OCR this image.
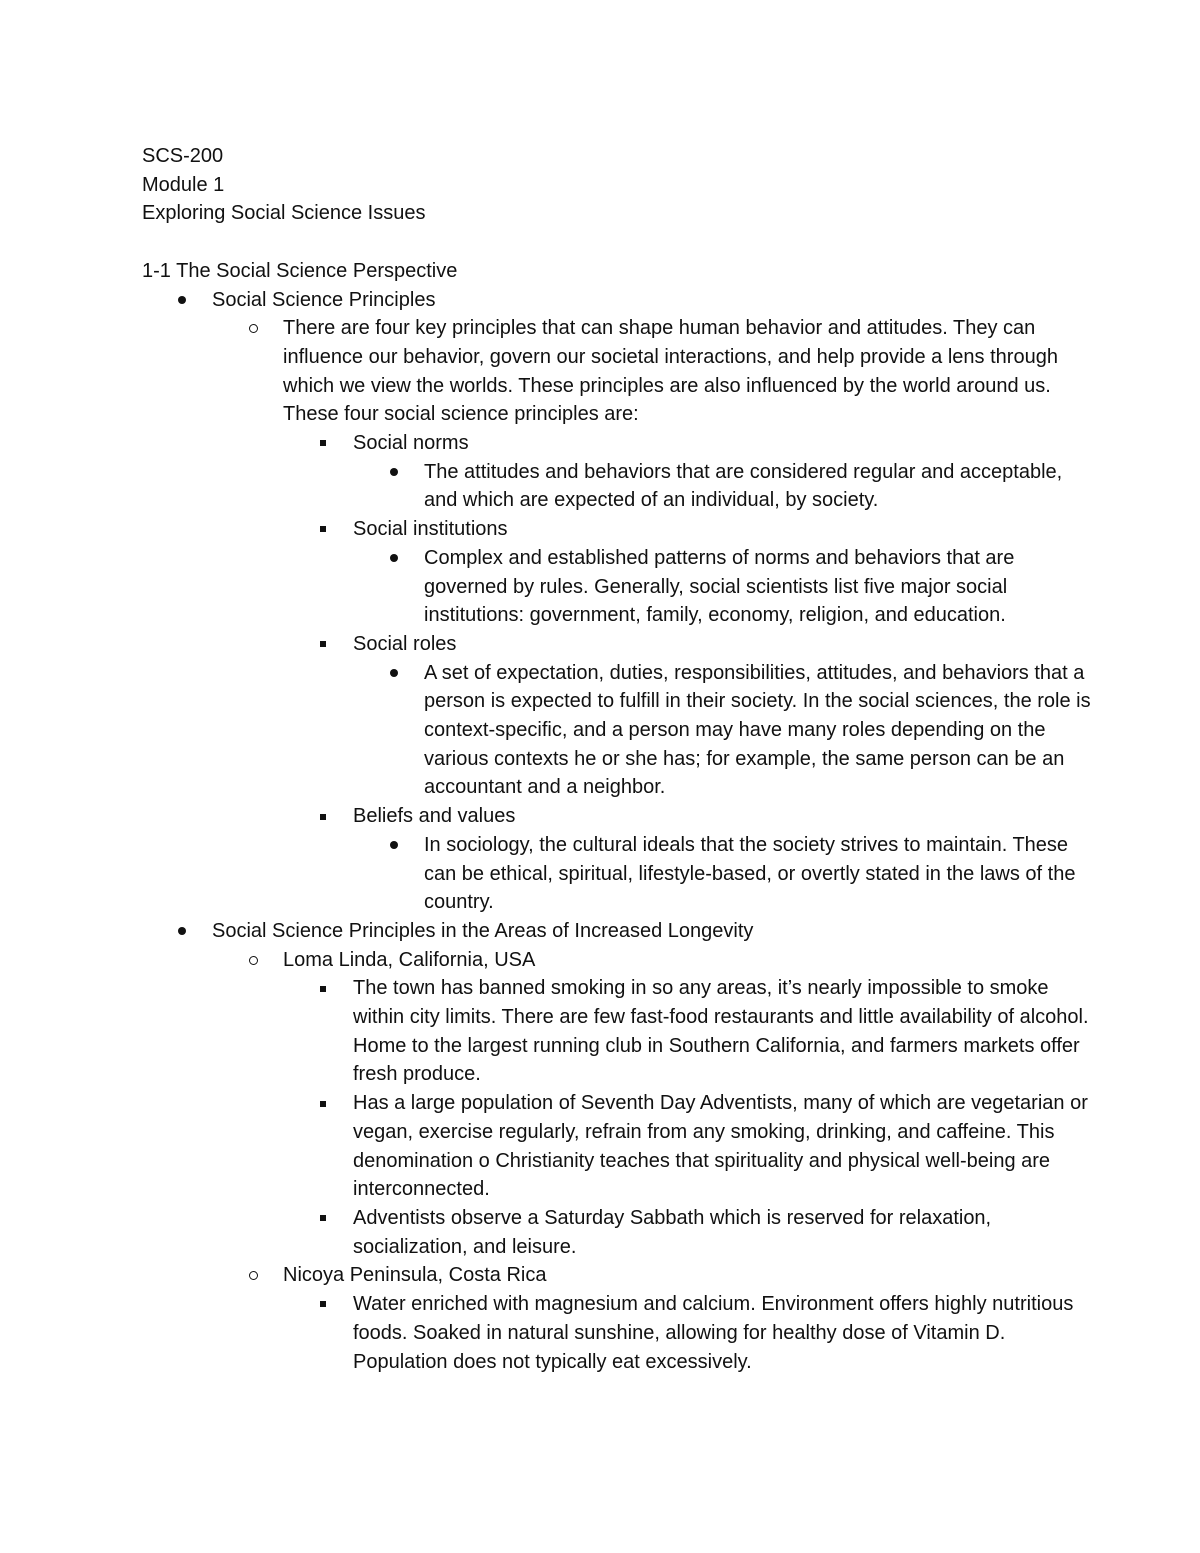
SCS-200

Module 1

Exploring Social Science Issues

1-1 The Social Science Perspective

Social Science Principles
There are four key principles that can shape human behavior and attitudes. They can influence our behavior, govern our societal interactions, and help provide a lens through which we view the worlds. These principles are also influenced by the world around us. These four social science principles are:
Social norms
The attitudes and behaviors that are considered regular and acceptable, and which are expected of an individual, by society.
Social institutions
Complex and established patterns of norms and behaviors that are governed by rules. Generally, social scientists list five major social institutions: government, family, economy, religion, and education.
Social roles
A set of expectation, duties, responsibilities, attitudes, and behaviors that a person is expected to fulfill in their society. In the social sciences, the role is context-specific, and a person may have many roles depending on the various contexts he or she has; for example, the same person can be an accountant and a neighbor.
Beliefs and values
In sociology, the cultural ideals that the society strives to maintain. These can be ethical, spiritual, lifestyle-based, or overtly stated in the laws of the country.
Social Science Principles in the Areas of Increased Longevity
Loma Linda, California, USA
The town has banned smoking in so any areas, it’s nearly impossible to smoke within city limits. There are few fast-food restaurants and little availability of alcohol. Home to the largest running club in Southern California, and farmers markets offer fresh produce.
Has a large population of Seventh Day Adventists, many of which are vegetarian or vegan, exercise regularly, refrain from any smoking, drinking, and caffeine. This denomination o Christianity teaches that spirituality and physical well-being are interconnected.
Adventists observe a Saturday Sabbath which is reserved for relaxation, socialization, and leisure.
Nicoya Peninsula, Costa Rica
Water enriched with magnesium and calcium. Environment offers highly nutritious foods. Soaked in natural sunshine, allowing for healthy dose of Vitamin D. Population does not typically eat excessively.
